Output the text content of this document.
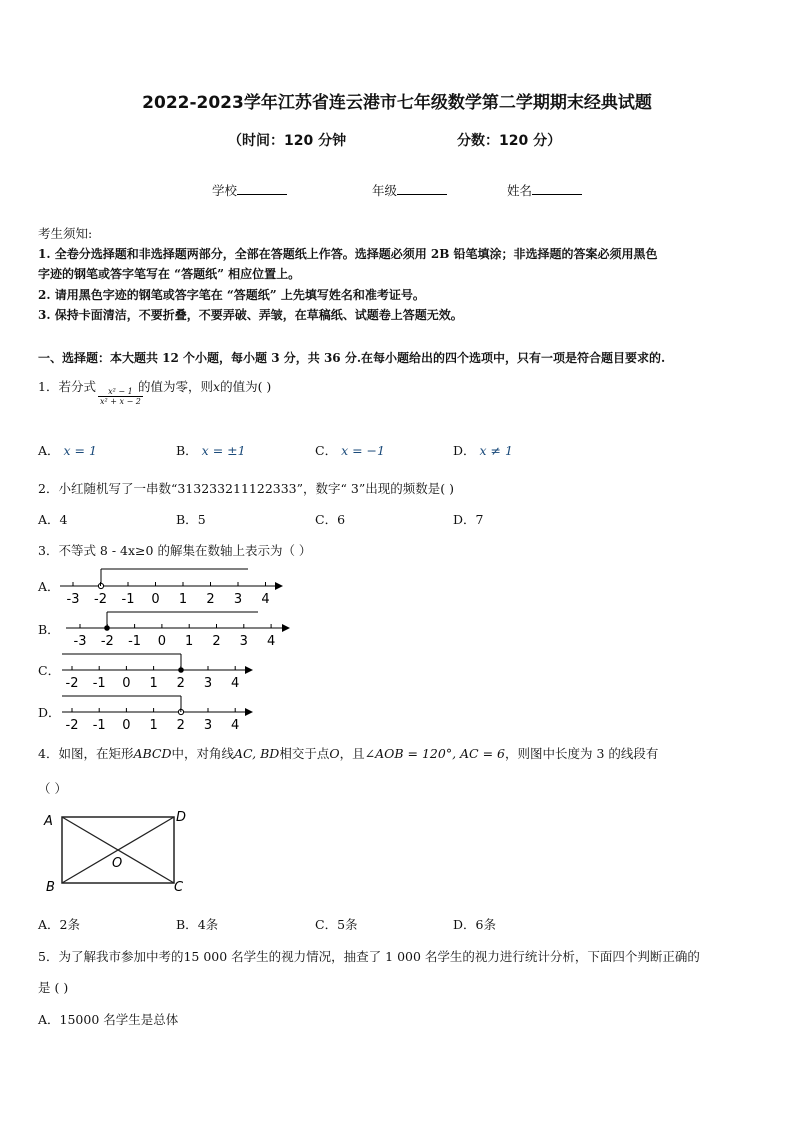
2022-2023学年江苏省连云港市七年级数学第二学期期末经典试题
（时间：120 分钟	分数：120 分）
学校	年级	姓名
考生须知:
1. 全卷分选择题和非选择题两部分，全部在答题纸上作答。选择题必须用 2B 铅笔填涂；非选择题的答案必须用黑色
字迹的钢笔或答字笔写在 “答题纸” 相应位置上。
2. 请用黑色字迹的钢笔或答字笔在 “答题纸” 上先填写姓名和准考证号。
3. 保持卡面清洁，不要折叠，不要弄破、弄皱，在草稿纸、试题卷上答题无效。
一、选择题：本大题共 12 个小题，每小题 3 分，共 36 分.在每小题给出的四个选项中，只有一项是符合题目要求的.
1．若分式
$\frac{\text{x² − 1}}{\text{x² + x − 2}}$
的值为零，则x的值为( )
A． x = 1	B． x = ±1	C． x = −1	D． x ≠ 1
2．小红随机写了一串数“313233211122333”，数字“ 3”出现的频数是( )
A．4	B．5	C．6	D．7
3．不等式 8 - 4x≥0 的解集在数轴上表示为（ ）
A．
B．
C．
D．
-3 -2 -1 0 1 2 3 4
-3 -2 -1 0 1 2 3 4
-2 -1 0 1 2 3 4
-2 -1 0 1 2 3 4
4．如图，在矩形ABCD中，对角线AC, BD相交于点O，且∠AOB = 120°, AC = 6，则图中长度为 3 的线段有
（ ）
A	D
B	C
O
A．2条	B．4条	C．5条	D．6条
5．为了解我市参加中考的15 000 名学生的视力情况，抽查了 1 000 名学生的视力进行统计分析，下面四个判断正确的
是 ( )
A．15000 名学生是总体
